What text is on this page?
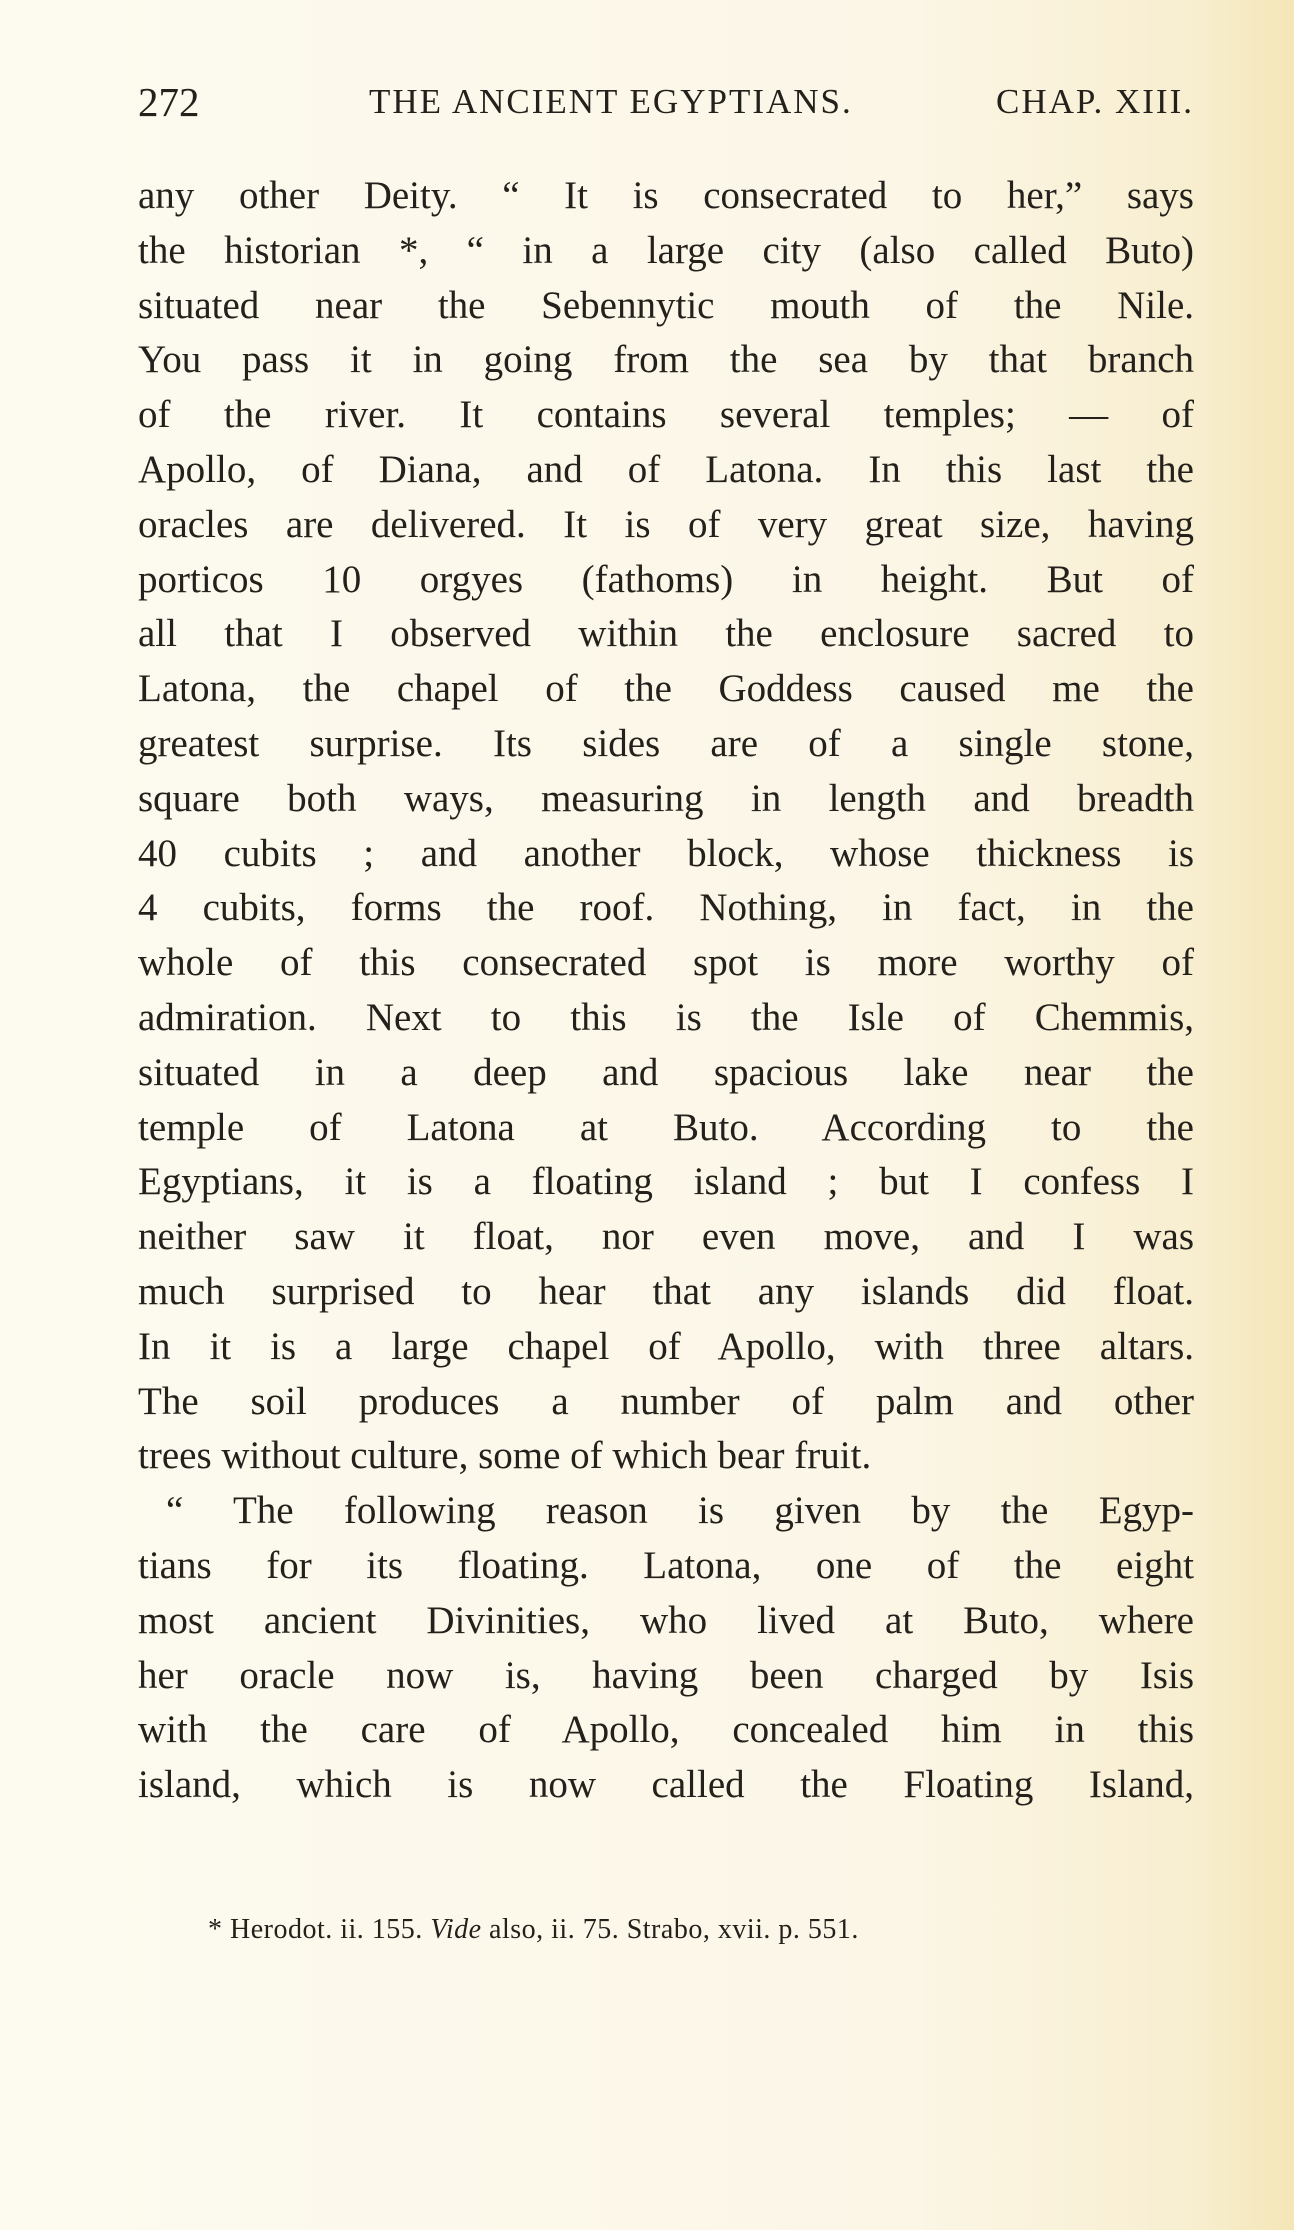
272	THE ANCIENT EGYPTIANS.	CHAP. XIII.
any other Deity. “ It is consecrated to her,” says
the historian *, “ in a large city (also called Buto)
situated near the Sebennytic mouth of the Nile.
You pass it in going from the sea by that branch
of the river. It contains several temples; — of
Apollo, of Diana, and of Latona. In this last the
oracles are delivered. It is of very great size, having
porticos 10 orgyes (fathoms) in height. But of
all that I observed within the enclosure sacred to
Latona, the chapel of the Goddess caused me the
greatest surprise. Its sides are of a single stone,
square both ways, measuring in length and breadth
40 cubits ; and another block, whose thickness is
4 cubits, forms the roof. Nothing, in fact, in the
whole of this consecrated spot is more worthy of
admiration. Next to this is the Isle of Chemmis,
situated in a deep and spacious lake near the
temple of Latona at Buto. According to the
Egyptians, it is a floating island ; but I confess I
neither saw it float, nor even move, and I was
much surprised to hear that any islands did float.
In it is a large chapel of Apollo, with three altars.
The soil produces a number of palm and other
trees without culture, some of which bear fruit.
“ The following reason is given by the Egyp-
tians for its floating. Latona, one of the eight
most ancient Divinities, who lived at Buto, where
her oracle now is, having been charged by Isis
with the care of Apollo, concealed him in this
island, which is now called the Floating Island,
* Herodot. ii. 155. Vide also, ii. 75. Strabo, xvii. p. 551.
